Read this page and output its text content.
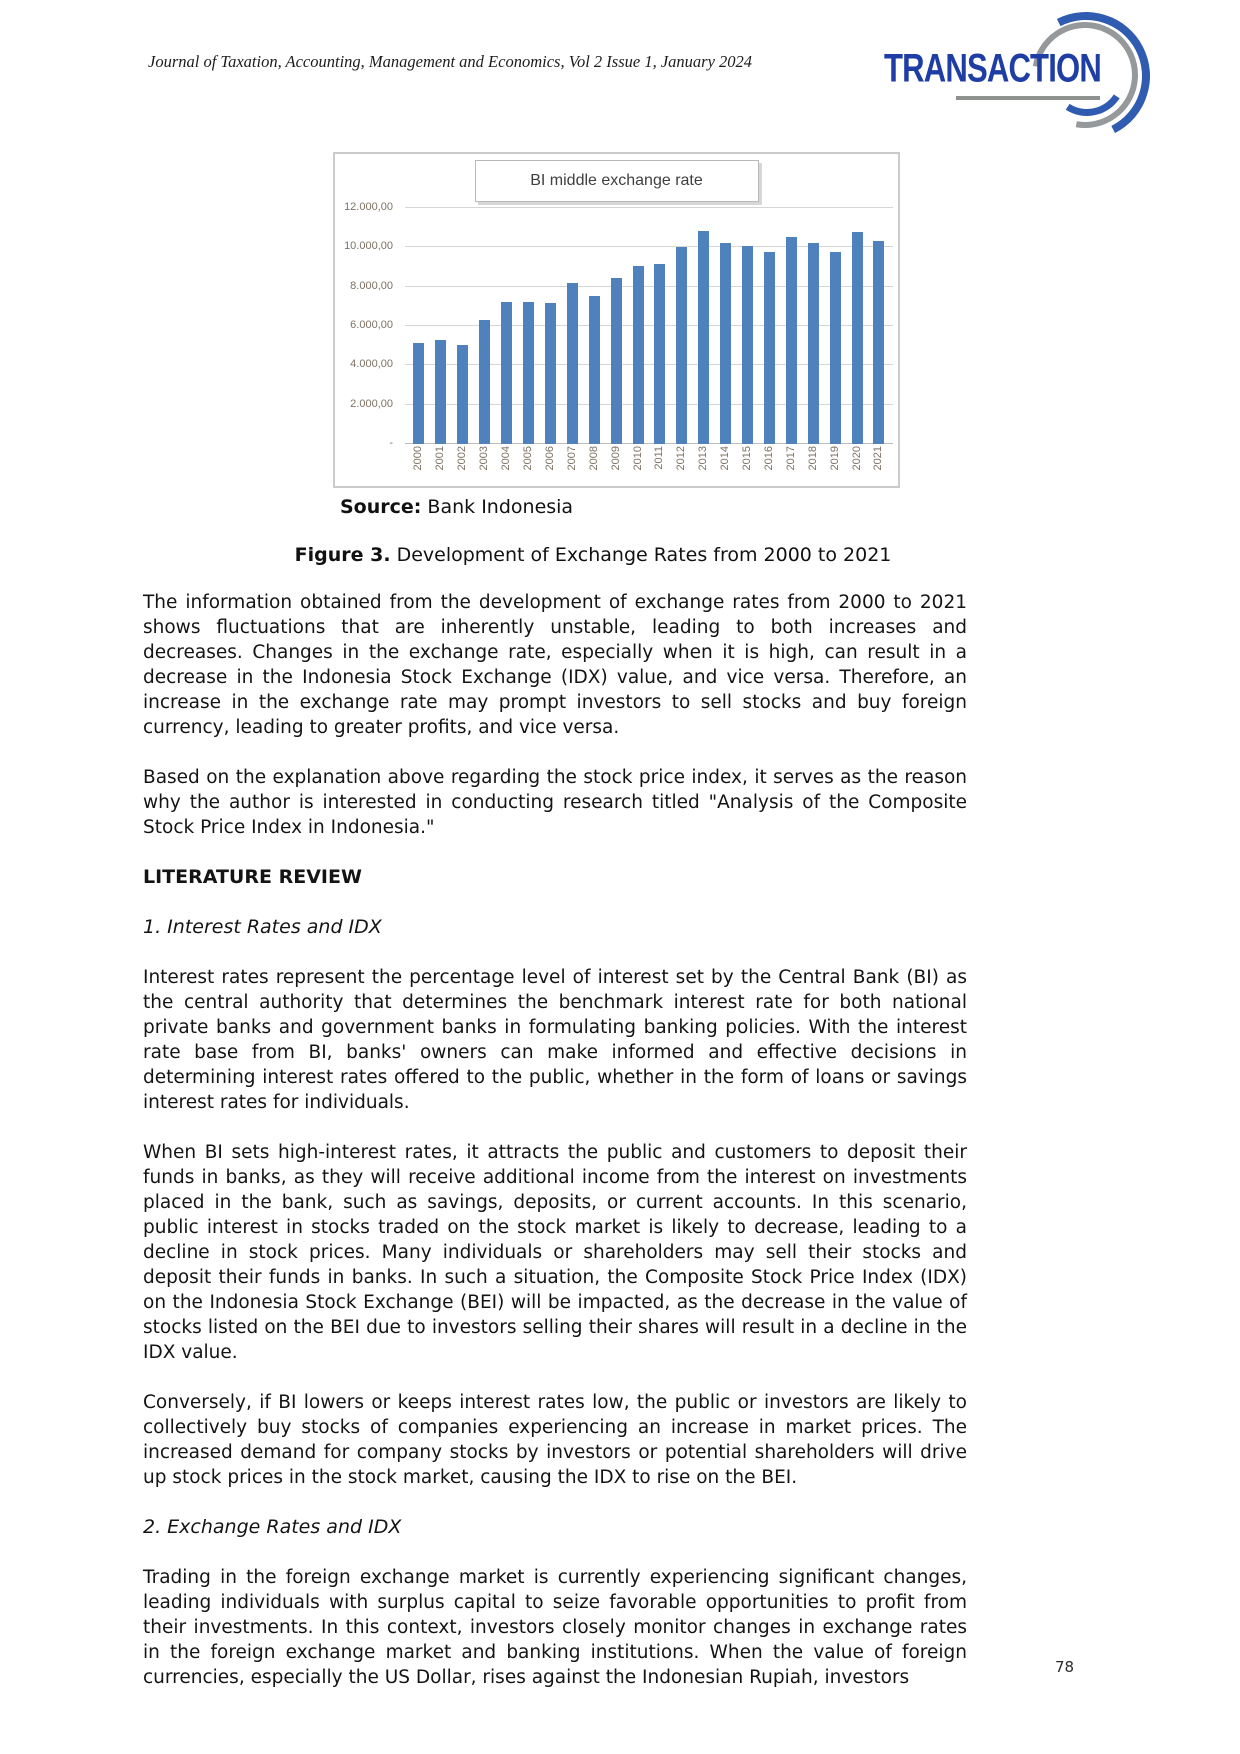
Journal of Taxation, Accounting, Management and Economics, Vol 2 Issue 1, January 2024	TRANSACTION
BI middle exchange rate
-
2.000,00
4.000,00
6.000,00
8.000,00
10.000,00
12.000,00
2000 2001 2002 2003 2004 2005 2006 2007 2008 2009 2010 2011 2012 2013 2014 2015 2016 2017 2018 2019 2020 2021
Source: Bank Indonesia
Figure 3. Development of Exchange Rates from 2000 to 2021

The information obtained from the development of exchange rates from 2000 to 2021 shows fluctuations that are inherently unstable, leading to both increases and decreases. Changes in the exchange rate, especially when it is high, can result in a decrease in the Indonesia Stock Exchange (IDX) value, and vice versa. Therefore, an increase in the exchange rate may prompt investors to sell stocks and buy foreign currency, leading to greater profits, and vice versa.

Based on the explanation above regarding the stock price index, it serves as the reason why the author is interested in conducting research titled "Analysis of the Composite Stock Price Index in Indonesia."

LITERATURE REVIEW

1. Interest Rates and IDX

Interest rates represent the percentage level of interest set by the Central Bank (BI) as the central authority that determines the benchmark interest rate for both national private banks and government banks in formulating banking policies. With the interest rate base from BI, banks' owners can make informed and effective decisions in determining interest rates offered to the public, whether in the form of loans or savings interest rates for individuals.

When BI sets high-interest rates, it attracts the public and customers to deposit their funds in banks, as they will receive additional income from the interest on investments placed in the bank, such as savings, deposits, or current accounts. In this scenario, public interest in stocks traded on the stock market is likely to decrease, leading to a decline in stock prices. Many individuals or shareholders may sell their stocks and deposit their funds in banks. In such a situation, the Composite Stock Price Index (IDX) on the Indonesia Stock Exchange (BEI) will be impacted, as the decrease in the value of stocks listed on the BEI due to investors selling their shares will result in a decline in the IDX value.

Conversely, if BI lowers or keeps interest rates low, the public or investors are likely to collectively buy stocks of companies experiencing an increase in market prices. The increased demand for company stocks by investors or potential shareholders will drive up stock prices in the stock market, causing the IDX to rise on the BEI.

2. Exchange Rates and IDX

Trading in the foreign exchange market is currently experiencing significant changes, leading individuals with surplus capital to seize favorable opportunities to profit from their investments. In this context, investors closely monitor changes in exchange rates in the foreign exchange market and banking institutions. When the value of foreign currencies, especially the US Dollar, rises against the Indonesian Rupiah, investors	78
